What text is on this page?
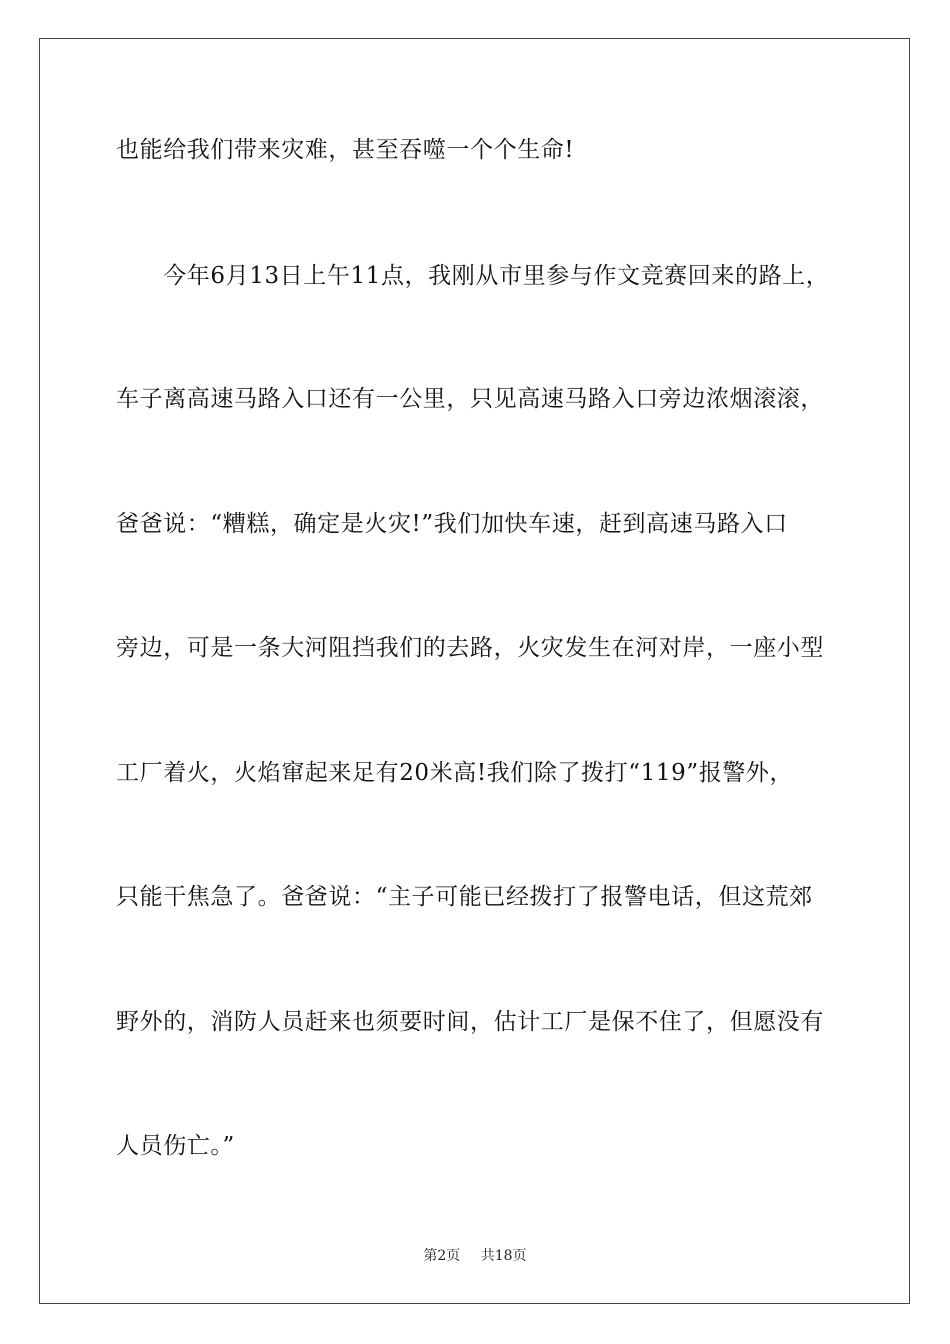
也能给我们带来灾难，甚至吞噬一个个生命!
　　今年6月13日上午11点，我刚从市里参与作文竞赛回来的路上，
车子离高速马路入口还有一公里，只见高速马路入口旁边浓烟滚滚，
爸爸说：“糟糕，确定是火灾!”我们加快车速，赶到高速马路入口
旁边，可是一条大河阻挡我们的去路，火灾发生在河对岸，一座小型
工厂着火，火焰窜起来足有20米高!我们除了拨打“119”报警外，
只能干焦急了。爸爸说：“主子可能已经拨打了报警电话，但这荒郊
野外的，消防人员赶来也须要时间，估计工厂是保不住了，但愿没有
人员伤亡。”
第2页 共18页
